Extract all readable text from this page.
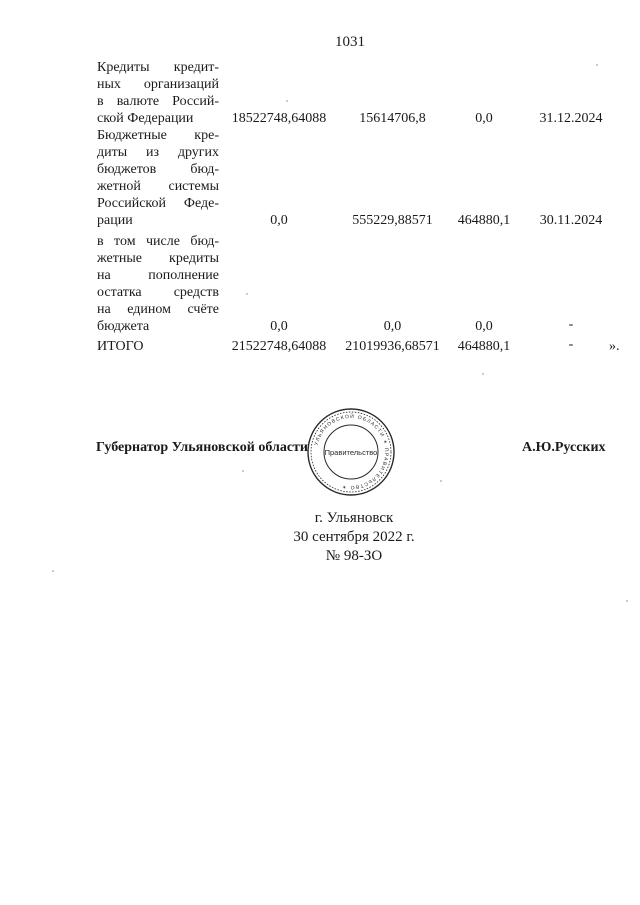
1031
Кредиты кредит-
ных организаций
в валюте Россий-
ской Федерации	18522748,64088	15614706,8	0,0	31.12.2024
Бюджетные кре-
диты из других
бюджетов бюд-
жетной системы
Российской Феде-
рации	0,0	555229,88571	464880,1	30.11.2024
в том числе бюд-
жетные кредиты
на пополнение
остатка средств
на едином счёте
бюджета	0,0	0,0	0,0	-
ИТОГО	21522748,64088	21019936,68571	464880,1	-	».
УЛЬЯНОВСКОЙ ОБЛАСТИ ✶ ПРАВИТЕЛЬСТВО ✶
Правительство
Губернатор Ульяновской области	А.Ю.Русских
г. Ульяновск
30 сентября 2022 г.
№ 98-ЗО
